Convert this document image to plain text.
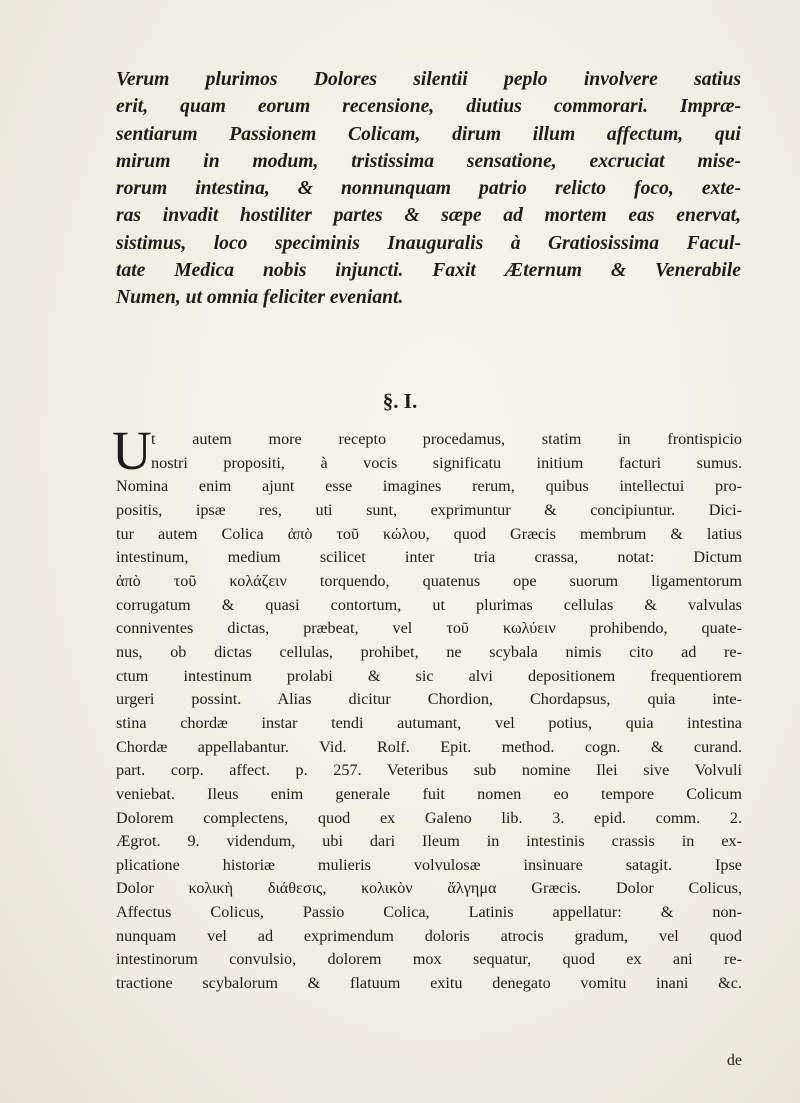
Verum plurimos Dolores silentii peplo involvere satius
erit, quam eorum recensione, diutius commorari. Impræ-
sentiarum Passionem Colicam, dirum illum affectum, qui
mirum in modum, tristissima sensatione, excruciat mise-
rorum intestina, & nonnunquam patrio relicto foco, exte-
ras invadit hostiliter partes & sæpe ad mortem eas enervat,
sistimus, loco speciminis Inauguralis à Gratiosissima Facul-
tate Medica nobis injuncti. Faxit Æternum & Venerabile
Numen, ut omnia feliciter eveniant.
§. I.
U t autem more recepto procedamus, statim in frontispicio
nostri propositi, à vocis significatu initium facturi sumus.
Nomina enim ajunt esse imagines rerum, quibus intellectui pro-
positis, ipsæ res, uti sunt, exprimuntur & concipiuntur. Dici-
tur autem Colica ἀπὸ τοῦ κώλου, quod Græcis membrum & latius
intestinum, medium scilicet inter tria crassa, notat: Dictum
ἀπὸ τοῦ κολάζειν torquendo, quatenus ope suorum ligamentorum
corrugatum & quasi contortum, ut plurimas cellulas & valvulas
conniventes dictas, præbeat, vel τοῦ κωλύειν prohibendo, quate-
nus, ob dictas cellulas, prohibet, ne scybala nimis cito ad re-
ctum intestinum prolabi & sic alvi depositionem frequentiorem
urgeri possint. Alias dicitur Chordion, Chordapsus, quia inte-
stina chordæ instar tendi autumant, vel potius, quia intestina
Chordæ appellabantur. Vid. Rolf. Epit. method. cogn. & curand.
part. corp. affect. p. 257. Veteribus sub nomine Ilei sive Volvuli
veniebat. Ileus enim generale fuit nomen eo tempore Colicum
Dolorem complectens, quod ex Galeno lib. 3. epid. comm. 2.
Ægrot. 9. videndum, ubi dari Ileum in intestinis crassis in ex-
plicatione historiæ mulieris volvulosæ insinuare satagit. Ipse
Dolor κολικὴ διάθεσις, κολικὸν ἄλγημα Græcis. Dolor Colicus,
Affectus Colicus, Passio Colica, Latinis appellatur: & non-
nunquam vel ad exprimendum doloris atrocis gradum, vel quod
intestinorum convulsio, dolorem mox sequatur, quod ex ani re-
tractione scybalorum & flatuum exitu denegato vomitu inani &c.
de
